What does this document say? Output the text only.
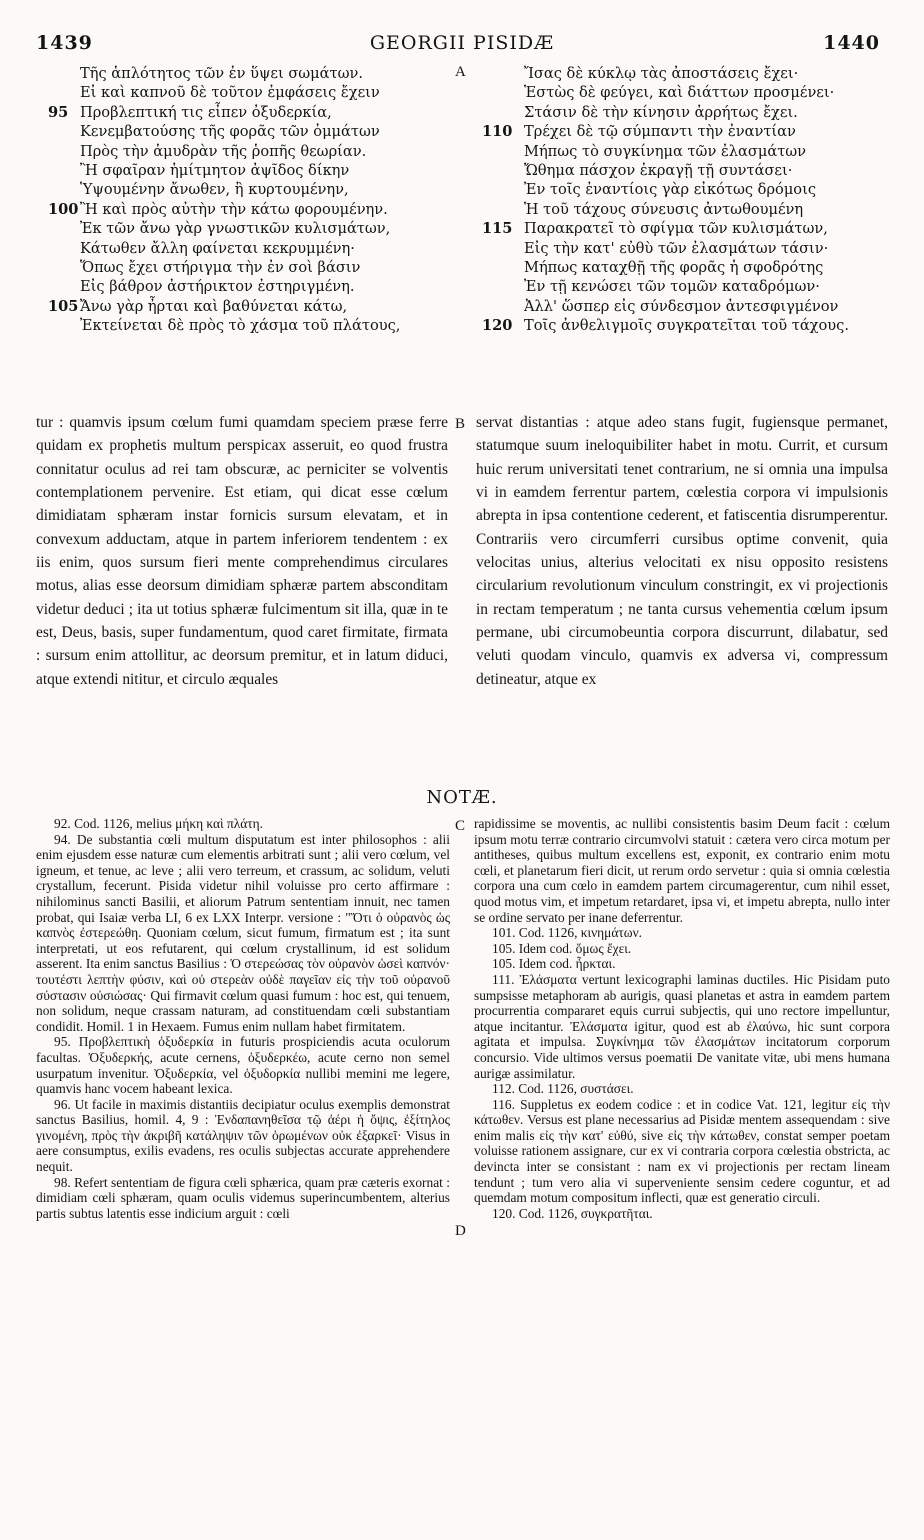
1439	GEORGII PISIDÆ	1440
Τῆς ἁπλότητος τῶν ἐν ὕψει σωμάτων.
Εἰ καὶ καπνοῦ δὲ τοῦτον ἐμφάσεις ἔχειν
95 Προβλεπτική τις εἶπεν ὀξυδερκία,
Κενεμβατούσης τῆς φορᾶς τῶν ὀμμάτων
Πρὸς τὴν ἀμυδρὰν τῆς ῥοπῆς θεωρίαν.
Ἢ σφαῖραν ἡμίτμητον ἀψῖδος δίκην
Ὑψουμένην ἄνωθεν, ἢ κυρτουμένην,
100 Ἢ καὶ πρὸς αὐτὴν τὴν κάτω φορουμένην.
Ἐκ τῶν ἄνω γὰρ γνωστικῶν κυλισμάτων,
Κάτωθεν ἄλλη φαίνεται κεκρυμμένη·
Ὅπως ἔχει στήριγμα τὴν ἐν σοὶ βάσιν
Εἰς βάθρον ἀστήρικτον ἐστηριγμένη.
105 Ἄνω γὰρ ἦρται καὶ βαθύνεται κάτω,
Ἐκτείνεται δὲ πρὸς τὸ χάσμα τοῦ πλάτους,
Ἴσας δὲ κύκλῳ τὰς ἀποστάσεις ἔχει·
Ἑστὼς δὲ φεύγει, καὶ διάττων προσμένει·
Στάσιν δὲ τὴν κίνησιν ἀρρήτως ἔχει.
110 Τρέχει δὲ τῷ σύμπαντι τὴν ἐναντίαν
Μήπως τὸ συγκίνημα τῶν ἐλασμάτων
Ὤθημα πάσχον ἐκραγῇ τῇ συντάσει·
Ἐν τοῖς ἐναντίοις γὰρ εἰκότως δρόμοις
Ἡ τοῦ τάχους σύνευσις ἀντωθουμένη
115 Παρακρατεῖ τὸ σφίγμα τῶν κυλισμάτων,
Εἰς τὴν κατ' εὐθὺ τῶν ἐλασμάτων τάσιν·
Μήπως καταχθῇ τῆς φορᾶς ἡ σφοδρότης
Ἐν τῇ κενώσει τῶν τομῶν καταδρόμων·
Ἀλλ' ὥσπερ εἰς σύνδεσμον ἀντεσφιγμένον
120 Τοῖς ἀνθελιγμοῖς συγκρατεῖται τοῦ τάχους.
A
B
C
D
tur : quamvis ipsum cœlum fumi quamdam speciem præse ferre quidam ex prophetis multum perspicax asseruit, eo quod frustra connitatur oculus ad rei tam obscuræ, ac perniciter se volventis contemplationem pervenire. Est etiam, qui dicat esse cœlum dimidiatam sphæram instar fornicis sursum elevatam, et in convexum adductam, atque in partem inferiorem tendentem : ex iis enim, quos sursum fieri mente comprehendimus circulares motus, alias esse deorsum dimidiam sphæræ partem absconditam videtur deduci ; ita ut totius sphæræ fulcimentum sit illa, quæ in te est, Deus, basis, super fundamentum, quod caret firmitate, firmata : sursum enim attollitur, ac deorsum premitur, et in latum diduci, atque extendi nititur, et circulo æquales
servat distantias : atque adeo stans fugit, fugiensque permanet, statumque suum ineloquibiliter habet in motu. Currit, et cursum huic rerum universitati tenet contrarium, ne si omnia una impulsa vi in eamdem ferrentur partem, cœlestia corpora vi impulsionis abrepta in ipsa contentione cederent, et fatiscentia disrumperentur. Contrariis vero circumferri cursibus optime convenit, quia velocitas unius, alterius velocitati ex nisu opposito resistens circularium revolutionum vinculum constringit, ex vi projectionis in rectam temperatum ; ne tanta cursus vehementia cœlum ipsum permane, ubi circumobeuntia corpora discurrunt, dilabatur, sed veluti quodam vinculo, quamvis ex adversa vi, compressum detineatur, atque ex
NOTÆ.

92. Cod. 1126, melius μήκη καὶ πλάτη.

94. De substantia cœli multum disputatum est inter philosophos : alii enim ejusdem esse naturæ cum elementis arbitrati sunt ; alii vero cœlum, vel igneum, et tenue, ac leve ; alii vero terreum, et crassum, ac solidum, veluti crystallum, fecerunt. Pisida videtur nihil voluisse pro certo affirmare : nihilominus sancti Basilii, et aliorum Patrum sententiam innuit, nec tamen probat, qui Isaiæ verba LI, 6 ex LXX Interpr. versione : "Ὅτι ὁ οὐρανὸς ὡς καπνὸς ἐστερεώθη. Quoniam cœlum, sicut fumum, firmatum est ; ita sunt interpretati, ut eos refutarent, qui cœlum crystallinum, id est solidum asserent. Ita enim sanctus Basilius : Ὁ στερεώσας τὸν οὐρανὸν ὡσεὶ καπνόν· τουτέστι λεπτὴν φύσιν, καὶ οὐ στερεὰν οὐδὲ παγεῖαν εἰς τὴν τοῦ οὐρανοῦ σύστασιν οὐσιώσας· Qui firmavit cœlum quasi fumum : hoc est, qui tenuem, non solidum, neque crassam naturam, ad constituendam cœli substantiam condidit. Homil. 1 in Hexaem. Fumus enim nullam habet firmitatem.

95. Προβλεπτικὴ ὀξυδερκία in futuris prospiciendis acuta oculorum facultas. Ὀξυδερκής, acute cernens, ὀξυδερκέω, acute cerno non semel usurpatum invenitur. Ὀξυδερκία, vel ὀξυδορκία nullibi memini me legere, quamvis hanc vocem habeant lexica.

96. Ut facile in maximis distantiis decipiatur oculus exemplis demonstrat sanctus Basilius, homil. 4, 9 : Ἐνδαπανηθεῖσα τῷ ἀέρι ἡ ὄψις, ἐξίτηλος γινομένη, πρὸς τὴν ἀκριβῆ κατάληψιν τῶν ὁρωμένων οὐκ ἐξαρκεῖ· Visus in aere consumptus, exilis evadens, res oculis subjectas accurate apprehendere nequit.

98. Refert sententiam de figura cœli sphærica, quam præ cæteris exornat : dimidiam cœli sphæram, quam oculis videmus superincumbentem, alterius partis subtus latentis esse indicium arguit : cœli

rapidissime se moventis, ac nullibi consistentis basim Deum facit : cœlum ipsum motu terræ contrario circumvolvi statuit : cætera vero circa motum per antitheses, quibus multum excellens est, exponit, ex contrario enim motu cœli, et planetarum fieri dicit, ut rerum ordo servetur : quia si omnia cœlestia corpora una cum cœlo in eamdem partem circumagerentur, cum nihil esset, quod motus vim, et impetum retardaret, ipsa vi, et impetu abrepta, nullo inter se ordine servato per inane deferrentur.

101. Cod. 1126, κινημάτων.

105. Idem cod. ὅμως ἔχει.

105. Idem cod. ἦρκται.

111. Ἐλάσματα vertunt lexicographi laminas ductiles. Hic Pisidam puto sumpsisse metaphoram ab aurigis, quasi planetas et astra in eamdem partem procurrentia compararet equis currui subjectis, qui uno rectore impelluntur, atque incitantur. Ἐλάσματα igitur, quod est ab ἐλαύνω, hic sunt corpora agitata et impulsa. Συγκίνημα τῶν ἐλασμάτων incitatorum corporum concursio. Vide ultimos versus poematii De vanitate vitæ, ubi mens humana aurigæ assimilatur.

112. Cod. 1126, συστάσει.

116. Suppletus ex eodem codice : et in codice Vat. 121, legitur εἰς τὴν κάτωθεν. Versus est plane necessarius ad Pisidæ mentem assequendam : sive enim malis εἰς τὴν κατ' εὐθύ, sive εἰς τὴν κάτωθεν, constat semper poetam voluisse rationem assignare, cur ex vi contraria corpora cœlestia obstricta, ac devincta inter se consistant : nam ex vi projectionis per rectam lineam tendunt ; tum vero alia vi superveniente sensim cedere coguntur, et ad quemdam motum compositum inflecti, quæ est generatio circuli.

120. Cod. 1126, συγκρατῆται.
